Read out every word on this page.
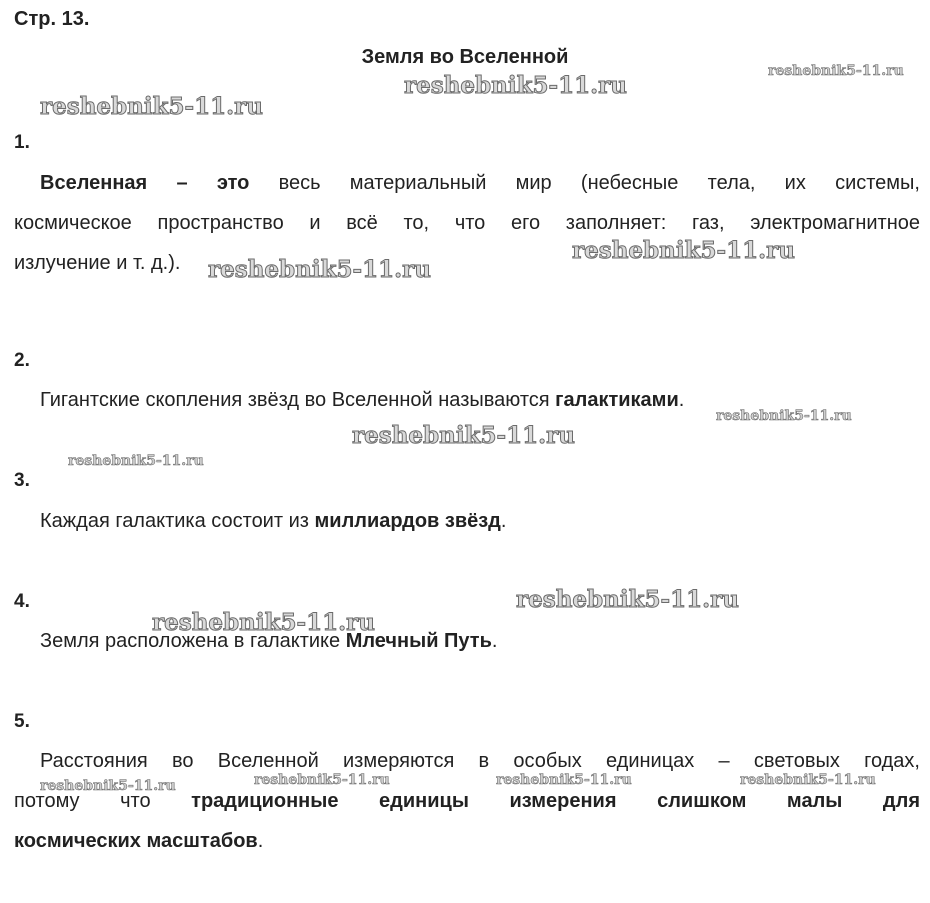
Стр. 13.
Земля во Вселенной
1.
Вселенная – это весь материальный мир (небесные тела, их системы,
космическое пространство и всё то, что его заполняет: газ, электромагнитное
излучение и т. д.).
2.
Гигантские скопления звёзд во Вселенной называются галактиками.
3.
Каждая галактика состоит из миллиардов звёзд.
4.
Земля расположена в галактике Млечный Путь.
5.
Расстояния во Вселенной измеряются в особых единицах – световых годах,
потому что традиционные единицы измерения слишком малы для
космических масштабов.
reshebnik5-11.ru
reshebnik5-11.ru
reshebnik5-11.ru
reshebnik5-11.ru
reshebnik5-11.ru
reshebnik5-11.ru
reshebnik5-11.ru
reshebnik5-11.ru
reshebnik5-11.ru
reshebnik5-11.ru
reshebnik5-11.ru	reshebnik5-11.ru	reshebnik5-11.ru	reshebnik5-11.ru
